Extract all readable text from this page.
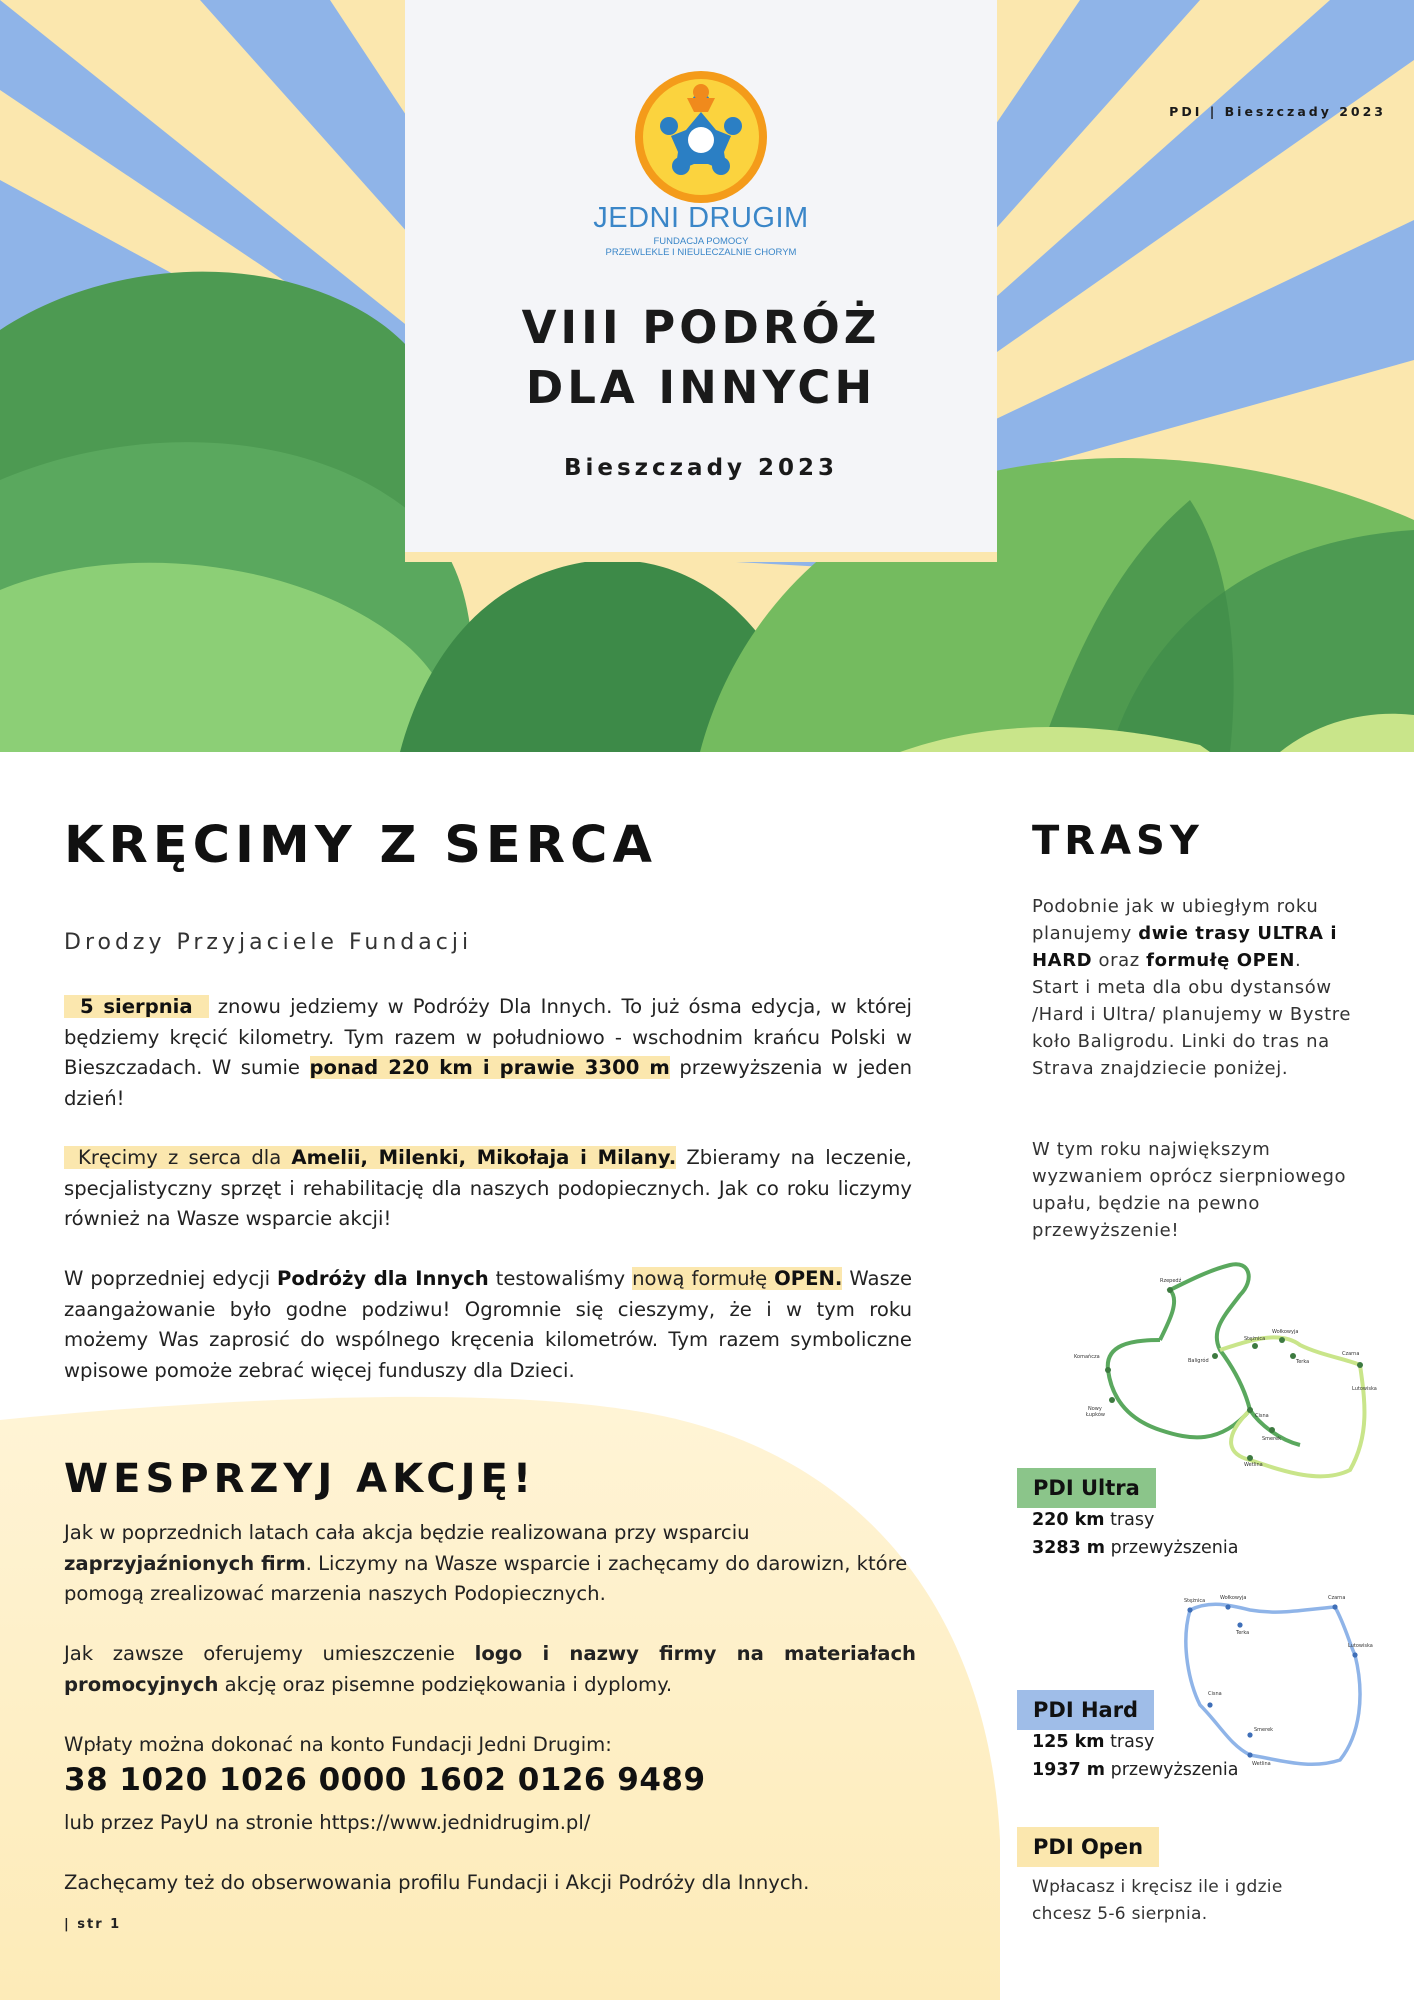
PDI | Bieszczady 2023
JEDNI DRUGIM
FUNDACJA POMOCY
PRZEWLEKLE I NIEULECZALNIE CHORYM
VIII PODRÓŻ
DLA INNYCH
Bieszczady 2023
KRĘCIMY Z SERCA
Drodzy Przyjaciele Fundacji

5 sierpnia znowu jedziemy w Podróży Dla Innych. To już ósma edycja, w której będziemy kręcić kilometry. Tym razem w południowo - wschodnim krańcu Polski w Bieszczadach. W sumie ponad 220 km i prawie 3300 m przewyższenia w jeden dzień!

Kręcimy z serca dla Amelii, Milenki, Mikołaja i Milany. Zbieramy na leczenie, specjalistyczny sprzęt i rehabilitację dla naszych podopiecznych. Jak co roku liczymy również na Wasze wsparcie akcji!

W poprzedniej edycji Podróży dla Innych testowaliśmy nową formułę OPEN. Wasze zaangażowanie było godne podziwu! Ogromnie się cieszymy, że i w tym roku możemy Was zaprosić do wspólnego kręcenia kilometrów. Tym razem symboliczne wpisowe pomoże zebrać więcej funduszy dla Dzieci.

WESPRZYJ AKCJĘ!

Jak w poprzednich latach cała akcja będzie realizowana przy wsparciu zaprzyjaźnionych firm. Liczymy na Wasze wsparcie i zachęcamy do darowizn, które pomogą zrealizować marzenia naszych Podopiecznych.

Jak zawsze oferujemy umieszczenie logo i nazwy firmy na materiałach promocyjnych akcję oraz pisemne podziękowania i dyplomy.

Wpłaty można dokonać na konto Fundacji Jedni Drugim:

38 1020 1026 0000 1602 0126 9489

lub przez PayU na stronie https://www.jednidrugim.pl/

Zachęcamy też do obserwowania profilu Fundacji i Akcji Podróży dla Innych.

| str 1
TRASY

Podobnie jak w ubiegłym roku planujemy dwie trasy ULTRA i HARD oraz formułę OPEN. Start i meta dla obu dystansów /Hard i Ultra/ planujemy w Bystre koło Baligrodu. Linki do tras na Strava znajdziecie poniżej.

W tym roku największym wyzwaniem oprócz sierpniowego upału, będzie na pewno przewyższenie!

Rzepedź
Komańcza
Nowy
Łupków
Baligród
Stężnica
Wołkowyja
Terka
Cisna
Smerek
Wetlina
Czarna
Lutowiska
PDI Ultra

220 km trasy
3283 m przewyższenia

Stężnica	Wołkowyja
Terka
Czarna
Lutowiska
Cisna
Smerek
Wetlina
PDI Hard

125 km trasy
1937 m przewyższenia

PDI Open

Wpłacasz i kręcisz ile i gdzie chcesz 5-6 sierpnia.
